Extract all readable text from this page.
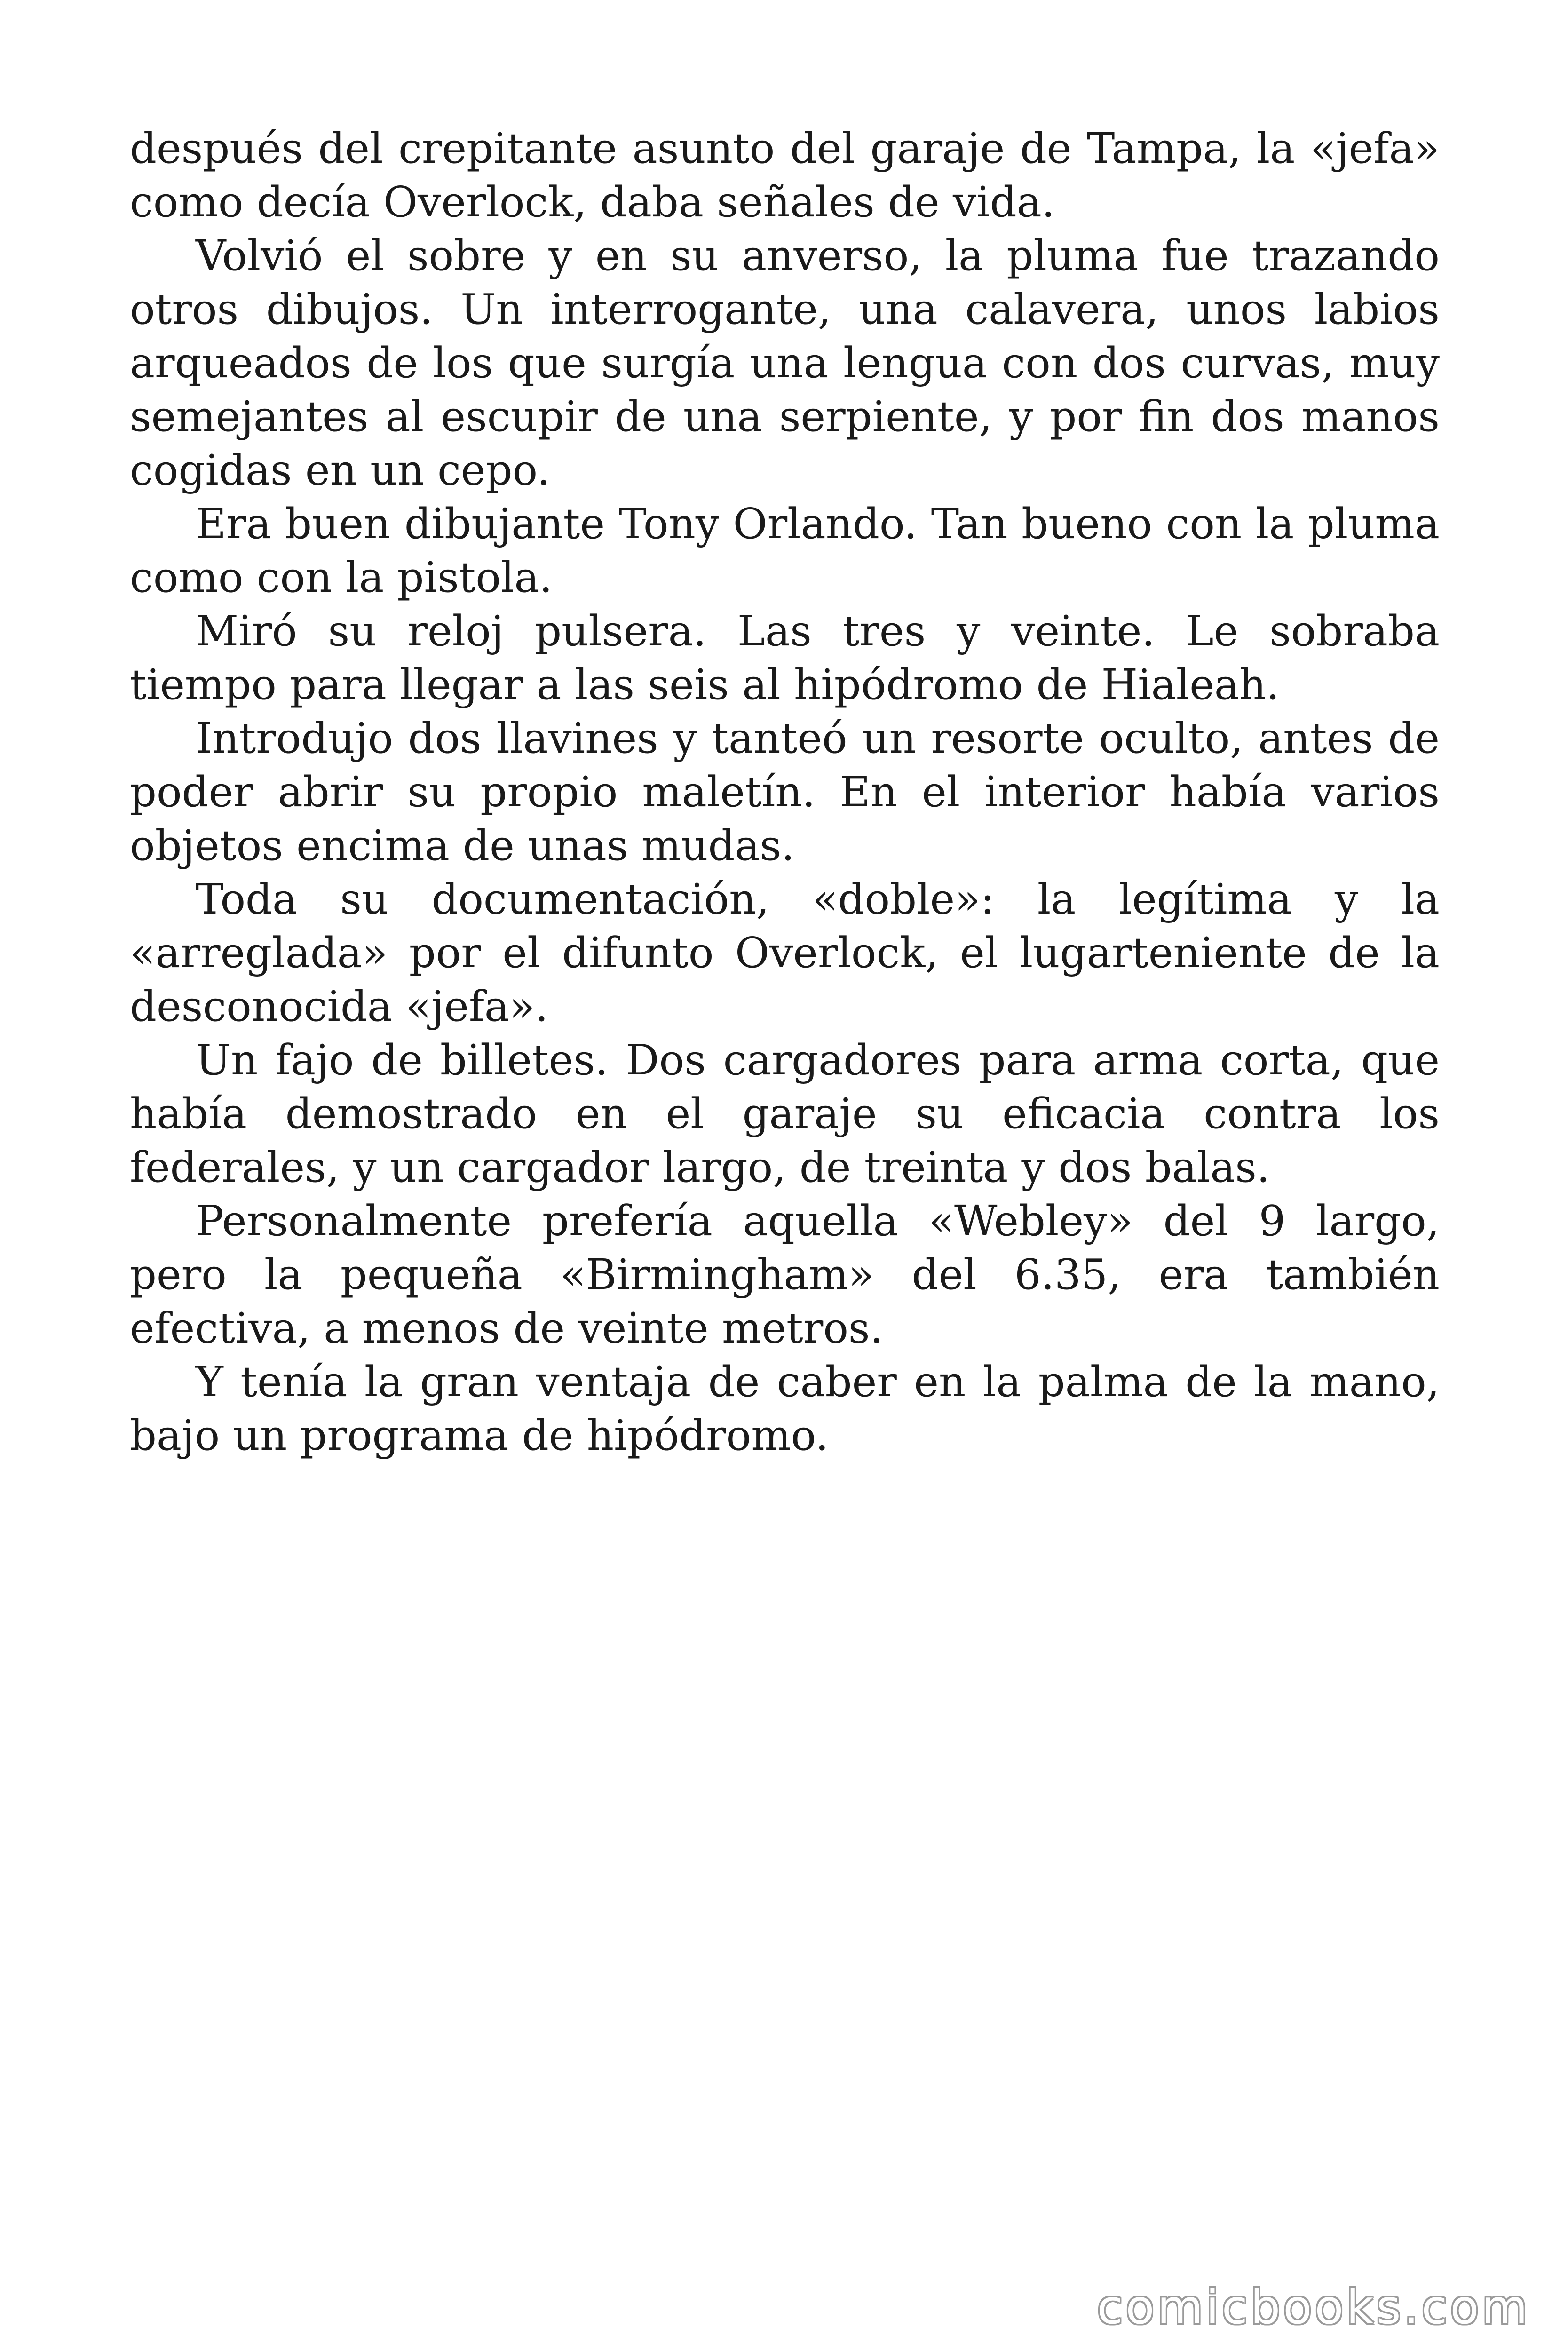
después del crepitante asunto del garaje de Tampa, la «jefa» como decía Overlock, daba señales de vida.

Volvió el sobre y en su anverso, la pluma fue trazando otros dibujos. Un interrogante, una calavera, unos labios arqueados de los que surgía una lengua con dos curvas, muy semejantes al escupir de una serpiente, y por fin dos manos cogidas en un cepo.

Era buen dibujante Tony Orlando. Tan bueno con la pluma como con la pistola.

Miró su reloj pulsera. Las tres y veinte. Le sobraba tiempo para llegar a las seis al hipódromo de Hialeah.

Introdujo dos llavines y tanteó un resorte oculto, antes de poder abrir su propio maletín. En el interior había varios objetos encima de unas mudas.

Toda su documentación, «doble»: la legítima y la «arreglada» por el difunto Overlock, el lugarteniente de la desconocida «jefa».

Un fajo de billetes. Dos cargadores para arma corta, que había demostrado en el garaje su eficacia contra los federales, y un cargador largo, de treinta y dos balas.

Personalmente prefería aquella «Webley» del 9 largo, pero la pequeña «Birmingham» del 6.35, era también efectiva, a menos de veinte metros.

Y tenía la gran ventaja de caber en la palma de la mano, bajo un programa de hipódromo.

comicbooks.com
